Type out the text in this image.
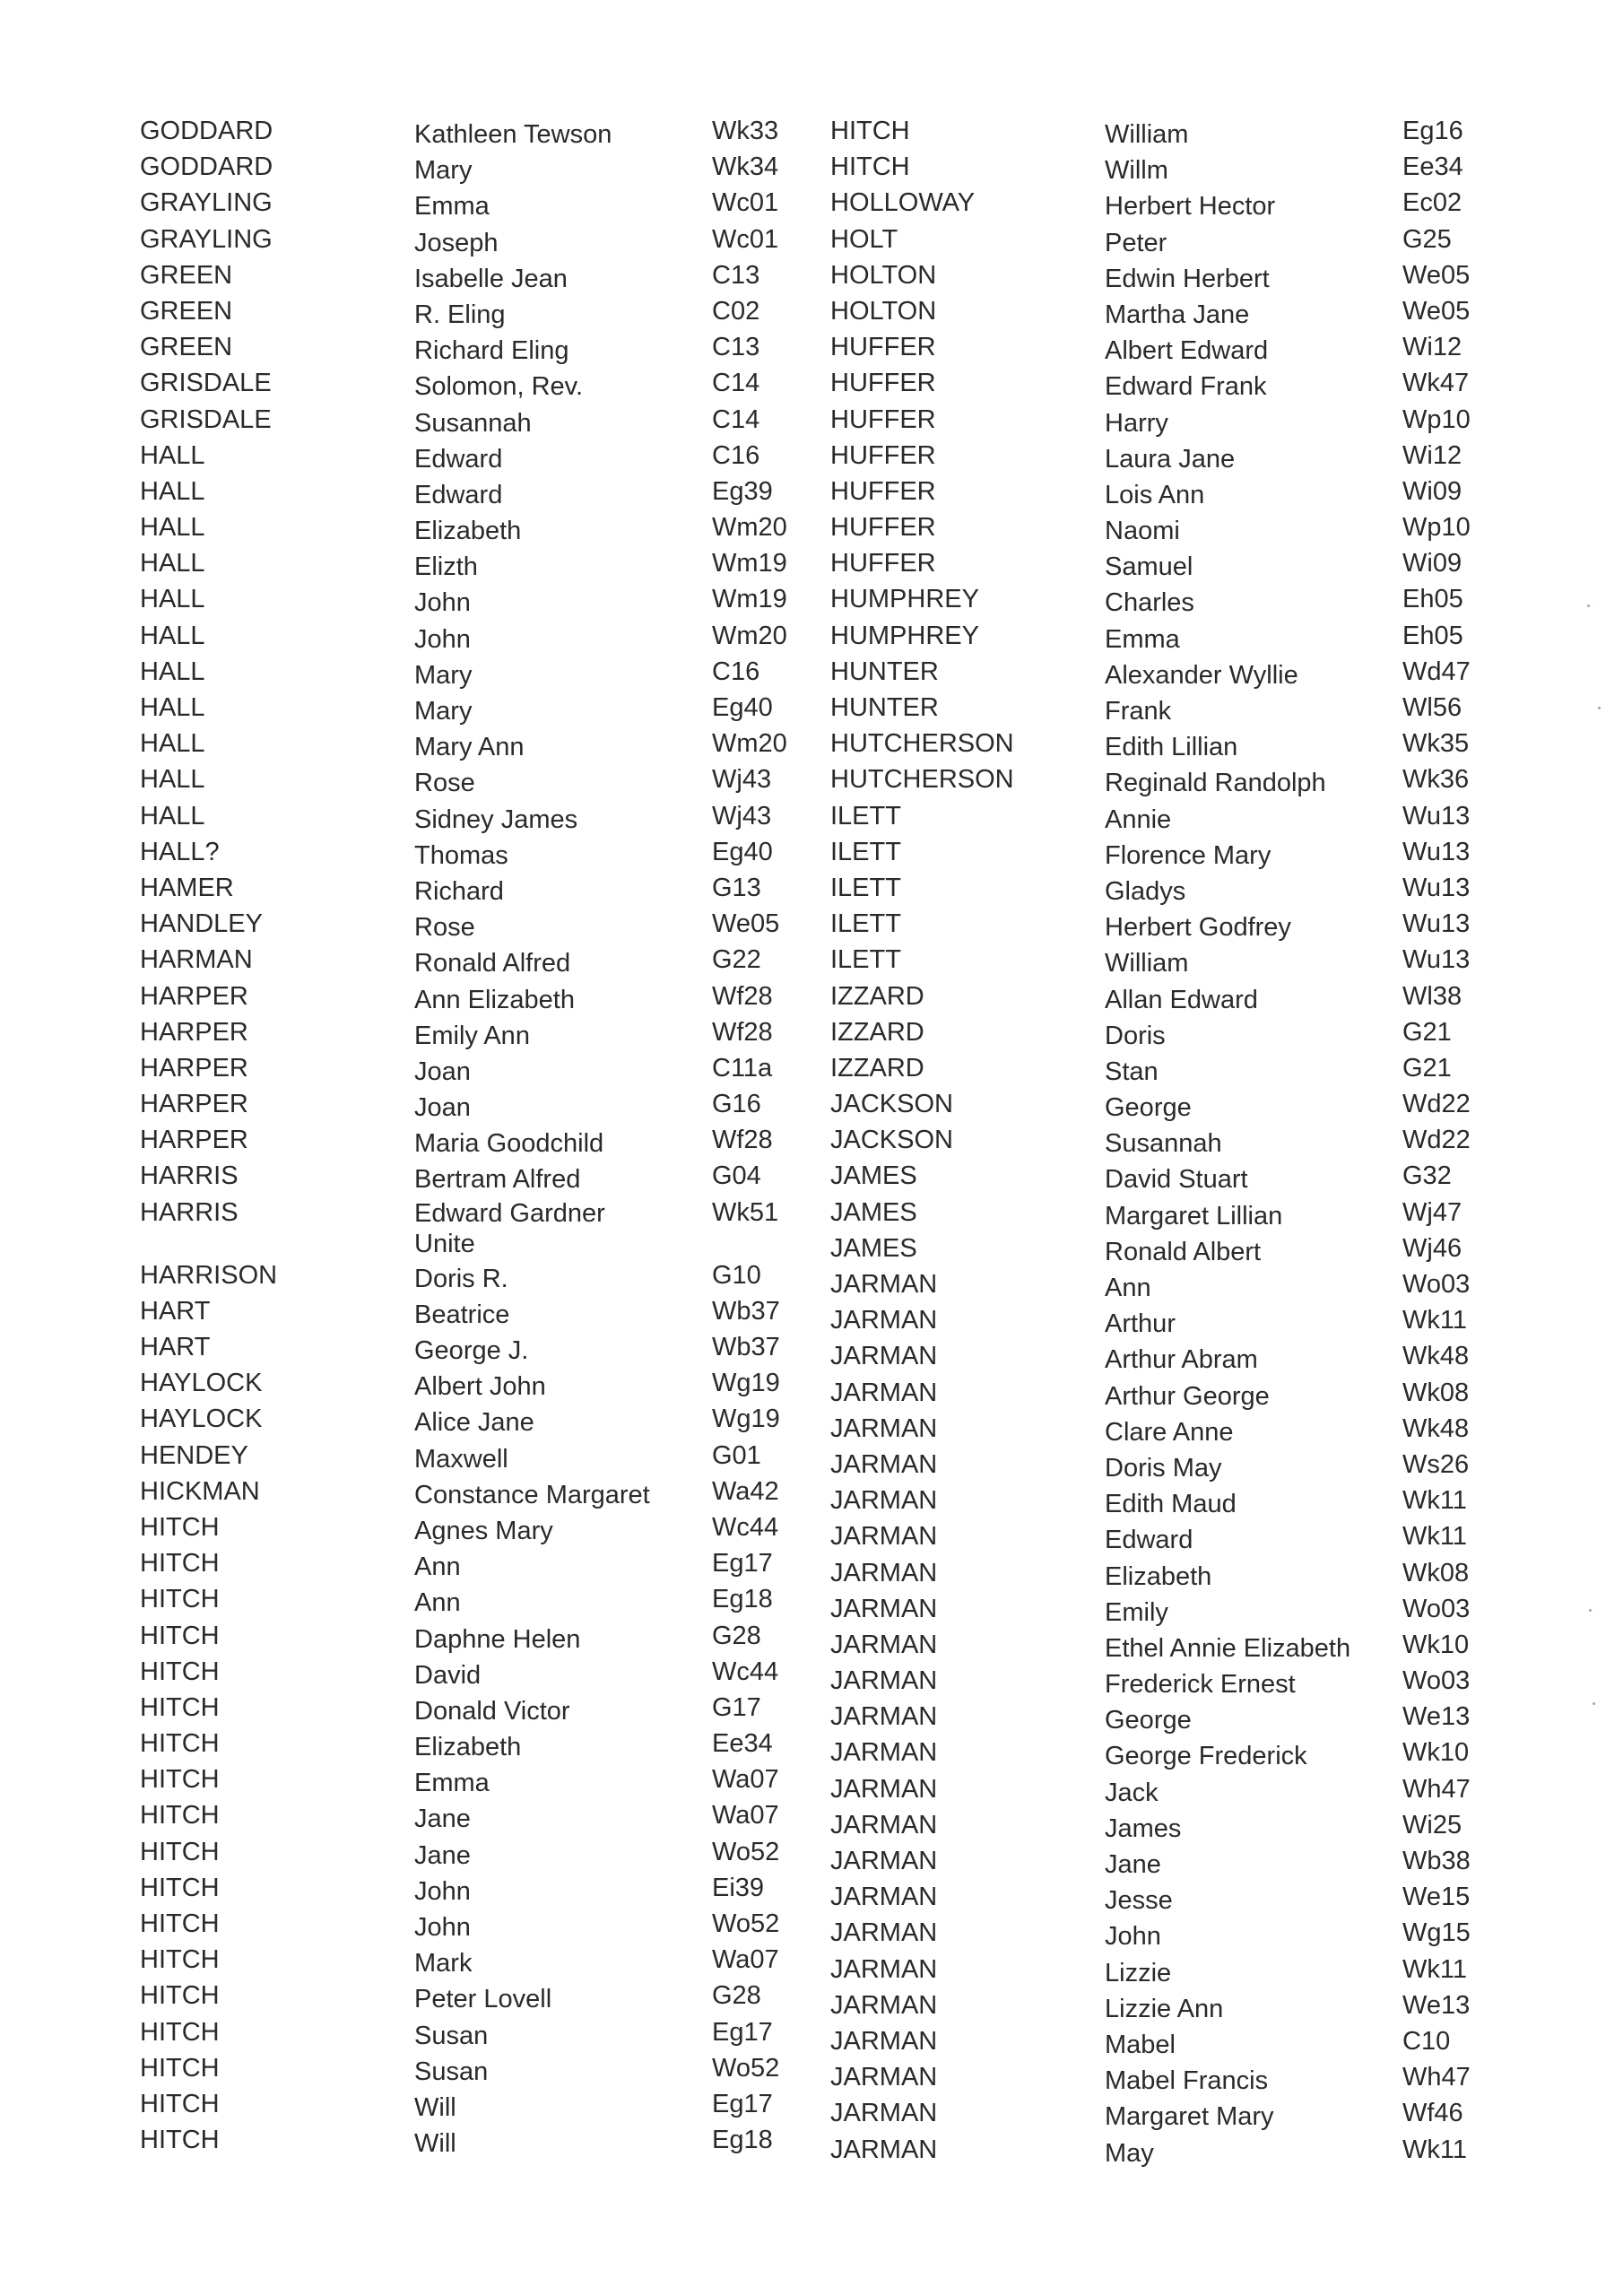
GODDARD
GODDARD
GRAYLING
GRAYLING
GREEN
GREEN
GREEN
GRISDALE
GRISDALE
HALL
HALL
HALL
HALL
HALL
HALL
HALL
HALL
HALL
HALL
HALL
HALL?
HAMER
HANDLEY
HARMAN
HARPER
HARPER
HARPER
HARPER
HARPER
HARRIS
HARRIS
HARRISON
HART
HART
HAYLOCK
HAYLOCK
HENDEY
HICKMAN
HITCH
HITCH
HITCH
HITCH
HITCH
HITCH
HITCH
HITCH
HITCH
HITCH
HITCH
HITCH
HITCH
HITCH
HITCH
HITCH
HITCH
HITCH
Kathleen Tewson
Mary
Emma
Joseph
Isabelle Jean
R. Eling
Richard Eling
Solomon, Rev.
Susannah
Edward
Edward
Elizabeth
Elizth
John
John
Mary
Mary
Mary Ann
Rose
Sidney James
Thomas
Richard
Rose
Ronald Alfred
Ann Elizabeth
Emily Ann
Joan
Joan
Maria Goodchild
Bertram Alfred
Edward Gardner
Unite
Doris R.
Beatrice
George J.
Albert John
Alice Jane
Maxwell
Constance Margaret
Agnes Mary
Ann
Ann
Daphne Helen
David
Donald Victor
Elizabeth
Emma
Jane
Jane
John
John
Mark
Peter Lovell
Susan
Susan
Will
Will
Wk33
Wk34
Wc01
Wc01
C13
C02
C13
C14
C14
C16
Eg39
Wm20
Wm19
Wm19
Wm20
C16
Eg40
Wm20
Wj43
Wj43
Eg40
G13
We05
G22
Wf28
Wf28
C11a
G16
Wf28
G04
Wk51
G10
Wb37
Wb37
Wg19
Wg19
G01
Wa42
Wc44
Eg17
Eg18
G28
Wc44
G17
Ee34
Wa07
Wa07
Wo52
Ei39
Wo52
Wa07
G28
Eg17
Wo52
Eg17
Eg18
HITCH
HITCH
HOLLOWAY
HOLT
HOLTON
HOLTON
HUFFER
HUFFER
HUFFER
HUFFER
HUFFER
HUFFER
HUFFER
HUMPHREY
HUMPHREY
HUNTER
HUNTER
HUTCHERSON
HUTCHERSON
ILETT
ILETT
ILETT
ILETT
ILETT
IZZARD
IZZARD
IZZARD
JACKSON
JACKSON
JAMES
JAMES
JAMES
JARMAN
JARMAN
JARMAN
JARMAN
JARMAN
JARMAN
JARMAN
JARMAN
JARMAN
JARMAN
JARMAN
JARMAN
JARMAN
JARMAN
JARMAN
JARMAN
JARMAN
JARMAN
JARMAN
JARMAN
JARMAN
JARMAN
JARMAN
JARMAN
JARMAN
William
Willm
Herbert Hector
Peter
Edwin Herbert
Martha Jane
Albert Edward
Edward Frank
Harry
Laura Jane
Lois Ann
Naomi
Samuel
Charles
Emma
Alexander Wyllie
Frank
Edith Lillian
Reginald Randolph
Annie
Florence Mary
Gladys
Herbert Godfrey
William
Allan Edward
Doris
Stan
George
Susannah
David Stuart
Margaret Lillian
Ronald Albert
Ann
Arthur
Arthur Abram
Arthur George
Clare Anne
Doris May
Edith Maud
Edward
Elizabeth
Emily
Ethel Annie Elizabeth
Frederick Ernest
George
George Frederick
Jack
James
Jane
Jesse
John
Lizzie
Lizzie Ann
Mabel
Mabel Francis
Margaret Mary
May
Eg16
Ee34
Ec02
G25
We05
We05
Wi12
Wk47
Wp10
Wi12
Wi09
Wp10
Wi09
Eh05
Eh05
Wd47
Wl56
Wk35
Wk36
Wu13
Wu13
Wu13
Wu13
Wu13
Wl38
G21
G21
Wd22
Wd22
G32
Wj47
Wj46
Wo03
Wk11
Wk48
Wk08
Wk48
Ws26
Wk11
Wk11
Wk08
Wo03
Wk10
Wo03
We13
Wk10
Wh47
Wi25
Wb38
We15
Wg15
Wk11
We13
C10
Wh47
Wf46
Wk11
